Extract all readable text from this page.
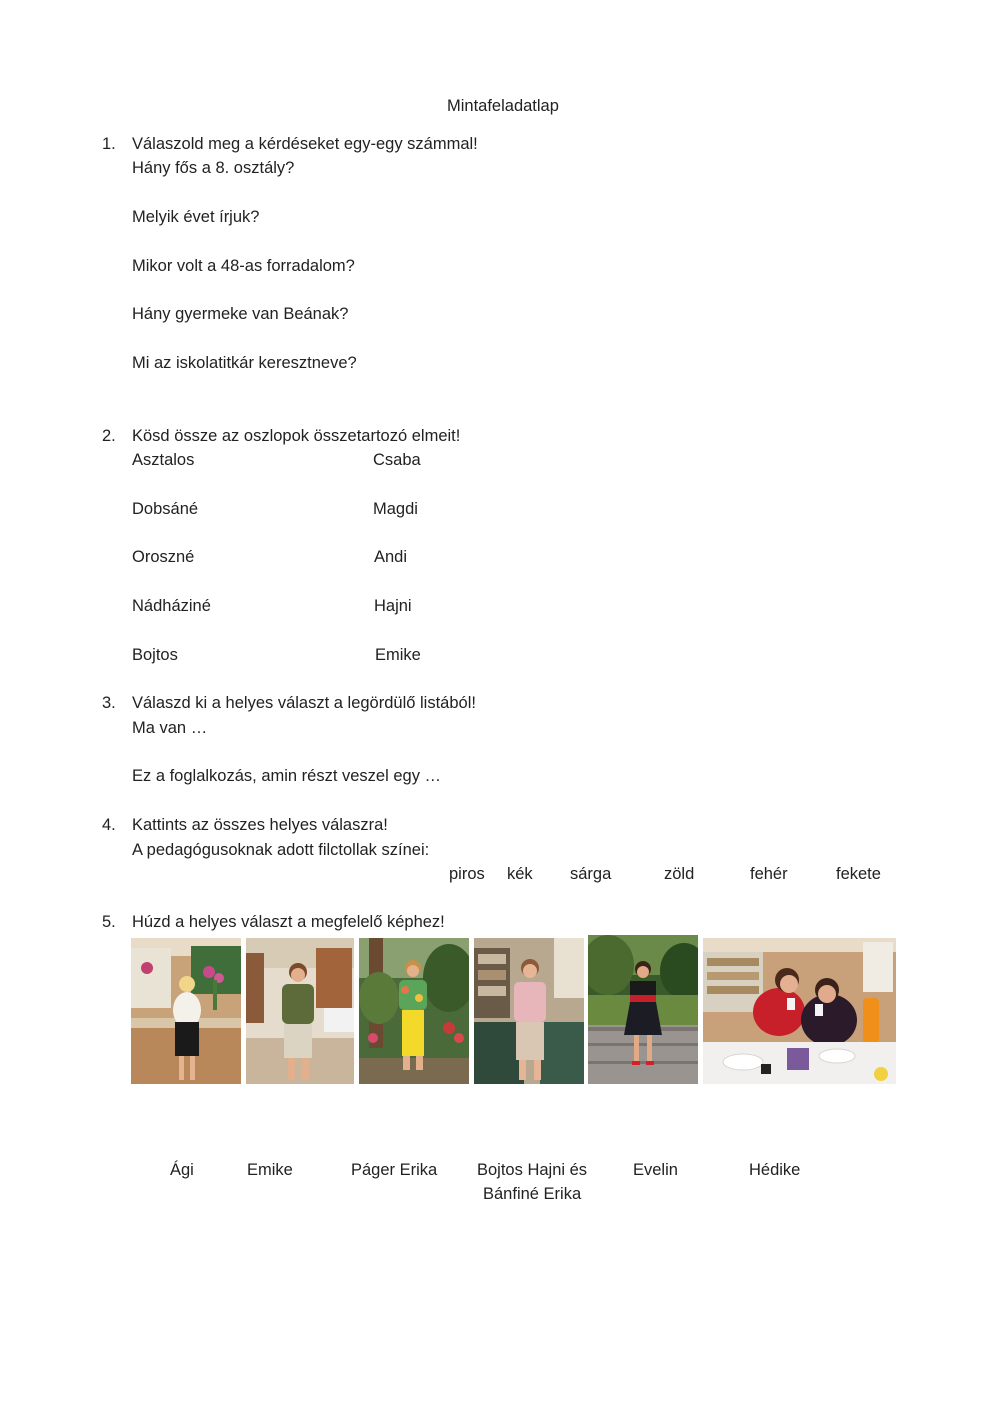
Mintafeladatlap
1. Válaszold meg a kérdéseket egy-egy számmal!
Hány fős a 8. osztály?
Melyik évet írjuk?
Mikor volt a 48-as forradalom?
Hány gyermeke van Beának?
Mi az iskolatitkár keresztneve?
2. Kösd össze az oszlopok összetartozó elmeit!
Asztalos	Csaba
Dobsáné	Magdi
Oroszné	Andi
Nádháziné	Hajni
Bojtos	Emike
3. Válaszd ki a helyes választ a legördülő listából!
Ma van …
Ez a foglalkozás, amin részt veszel egy …
4. Kattints az összes helyes válaszra!
A pedagógusoknak adott filctollak színei:
piros kék sárga	zöld	fehér	fekete
5. Húzd a helyes választ a megfelelő képhez!
Ági	Emike	Páger Erika Bojtos Hajni és
Bánfiné Erika
Evelin	Hédike
